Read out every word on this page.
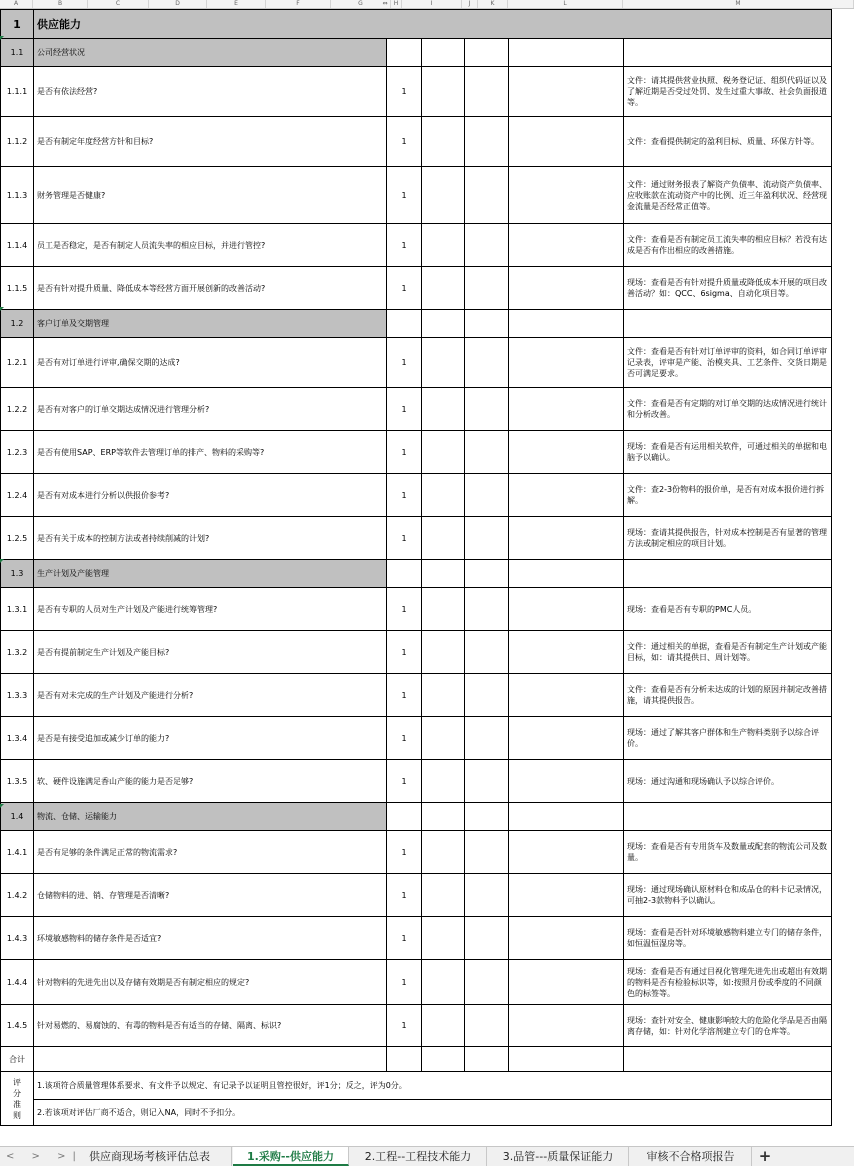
A	B	C	D	E	F	G	H	I	J	K	L	M
⇔
1	供应能力					
1.1	公司经营状况					
1.1.1	是否有依法经营?	1				文件：请其提供营业执照、税务登记证、组织代码证以及了解近期是否受过处罚、发生过重大事故、社会负面报道等。
1.1.2	是否有制定年度经营方针和目标?	1				文件：查看提供制定的盈利目标、质量、环保方针等。
1.1.3	财务管理是否健康?	1				文件：通过财务报表了解资产负债率、流动资产负债率、应收账款在流动资产中的比例、近三年盈利状况、经营现金流量是否经常正值等。
1.1.4	员工是否稳定，是否有制定人员流失率的相应目标，并进行管控?	1				文件：查看是否有制定员工流失率的相应目标？若没有达成是否有作出相应的改善措施。
1.1.5	是否有针对提升质量、降低成本等经营方面开展创新的改善活动?	1				现场：查看是否有针对提升质量或降低成本开展的项目改善活动？如：QCC、6sigma、自动化项目等。
1.2	客户订单及交期管理					
1.2.1	是否有对订单进行评审,确保交期的达成?	1				文件：查看是否有针对订单评审的资料，如合同订单评审记录表，评审是产能、治模夹具、工艺条件、交货日期是否可满足要求。
1.2.2	是否有对客户的订单交期达成情况进行管理分析?	1				文件：查看是否有定期的对订单交期的达成情况进行统计和分析改善。
1.2.3	是否有使用SAP、ERP等软件去管理订单的排产、物料的采购等?	1				现场：查看是否有运用相关软件，可通过相关的单据和电脑予以确认。
1.2.4	是否有对成本进行分析以供报价参考?	1				文件：查2-3份物料的报价单，是否有对成本报价进行拆解。
1.2.5	是否有关于成本的控制方法或者持续削减的计划?	1				现场：查请其提供报告，针对成本控制是否有显著的管理方法或制定相应的项目计划。
1.3	生产计划及产能管理					
1.3.1	是否有专职的人员对生产计划及产能进行统筹管理?	1				现场：查看是否有专职的PMC人员。
1.3.2	是否有提前制定生产计划及产能目标?	1				文件：通过相关的单据，查看是否有制定生产计划或产能目标，如：请其提供日、周计划等。
1.3.3	是否有对未完成的生产计划及产能进行分析?	1				文件：查看是否有分析未达成的计划的原因并制定改善措施，请其提供报告。
1.3.4	是否是有接受追加或减少订单的能力?	1				现场：通过了解其客户群体和生产物料类别予以综合评价。
1.3.5	软、硬件设施满足香山产能的能力是否足够?	1				现场：通过沟通和现场确认予以综合评价。
1.4	物流、仓储、运输能力					
1.4.1	是否有足够的条件满足正常的物流需求?	1				现场：查看是否有专用货车及数量或配套的物流公司及数量。
1.4.2	仓储物料的进、销、存管理是否清晰?	1				现场：通过现场确认原材料仓和成品仓的料卡记录情况，可抽2-3款物料予以确认。
1.4.3	环境敏感物料的储存条件是否适宜?	1				现场：查看是否针对环境敏感物料建立专门的储存条件，如恒温恒湿房等。
1.4.4	针对物料的先进先出以及存储有效期是否有制定相应的规定?	1				现场：查看是否有通过目视化管理先进先出或超出有效期的物料是否有检验标识等，如:按照月份或季度的不同颜色的标签等。
1.4.5	针对易燃的、易腐蚀的、有毒的物料是否有适当的存储、隔离、标识?	1				现场：查针对安全、健康影响较大的危险化学品是否由隔离存储，如：针对化学溶剂建立专门的仓库等。
合计						

评
分
准
则	1.该项符合质量管理体系要求、有文件予以规定、有记录予以证明且管控很好，评1分；反之，评为0分。					
	2.若该项对评估厂商不适合，则记入NA，同时不予扣分。					
< > >| 供应商现场考核评估总表	1.采购--供应能力	2.工程--工程技术能力	3.品管---质量保证能力	审核不合格项报告	+
